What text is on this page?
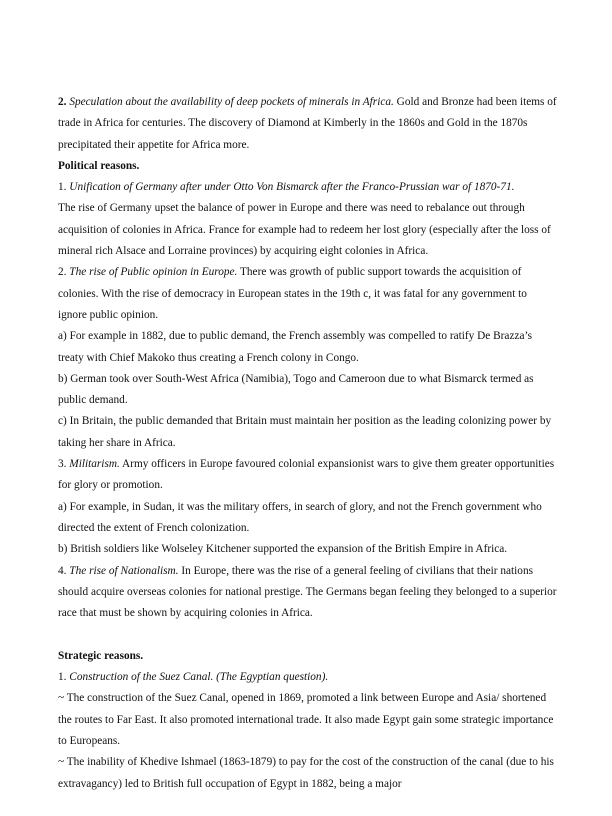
2. Speculation about the availability of deep pockets of minerals in Africa. Gold and Bronze had been items of trade in Africa for centuries. The discovery of Diamond at Kimberly in the 1860s and Gold in the 1870s precipitated their appetite for Africa more.

Political reasons.

1. Unification of Germany after under Otto Von Bismarck after the Franco-Prussian war of 1870-71.

The rise of Germany upset the balance of power in Europe and there was need to rebalance out through acquisition of colonies in Africa. France for example had to redeem her lost glory (especially after the loss of mineral rich Alsace and Lorraine provinces) by acquiring eight colonies in Africa.

2. The rise of Public opinion in Europe. There was growth of public support towards the acquisition of colonies. With the rise of democracy in European states in the 19th c, it was fatal for any government to ignore public opinion.

a) For example in 1882, due to public demand, the French assembly was compelled to ratify De Brazza’s treaty with Chief Makoko thus creating a French colony in Congo.

b) German took over South-West Africa (Namibia), Togo and Cameroon due to what Bismarck termed as public demand.

c) In Britain, the public demanded that Britain must maintain her position as the leading colonizing power by taking her share in Africa.

3. Militarism. Army officers in Europe favoured colonial expansionist wars to give them greater opportunities for glory or promotion.

a) For example, in Sudan, it was the military offers, in search of glory, and not the French government who directed the extent of French colonization.

b) British soldiers like Wolseley Kitchener supported the expansion of the British Empire in Africa.

4. The rise of Nationalism. In Europe, there was the rise of a general feeling of civilians that their nations should acquire overseas colonies for national prestige. The Germans began feeling they belonged to a superior race that must be shown by acquiring colonies in Africa.

Strategic reasons.

1. Construction of the Suez Canal. (The Egyptian question).

~ The construction of the Suez Canal, opened in 1869, promoted a link between Europe and Asia/ shortened the routes to Far East. It also promoted international trade. It also made Egypt gain some strategic importance to Europeans.

~ The inability of Khedive Ishmael (1863-1879) to pay for the cost of the construction of the canal (due to his extravagancy) led to British full occupation of Egypt in 1882, being a major
